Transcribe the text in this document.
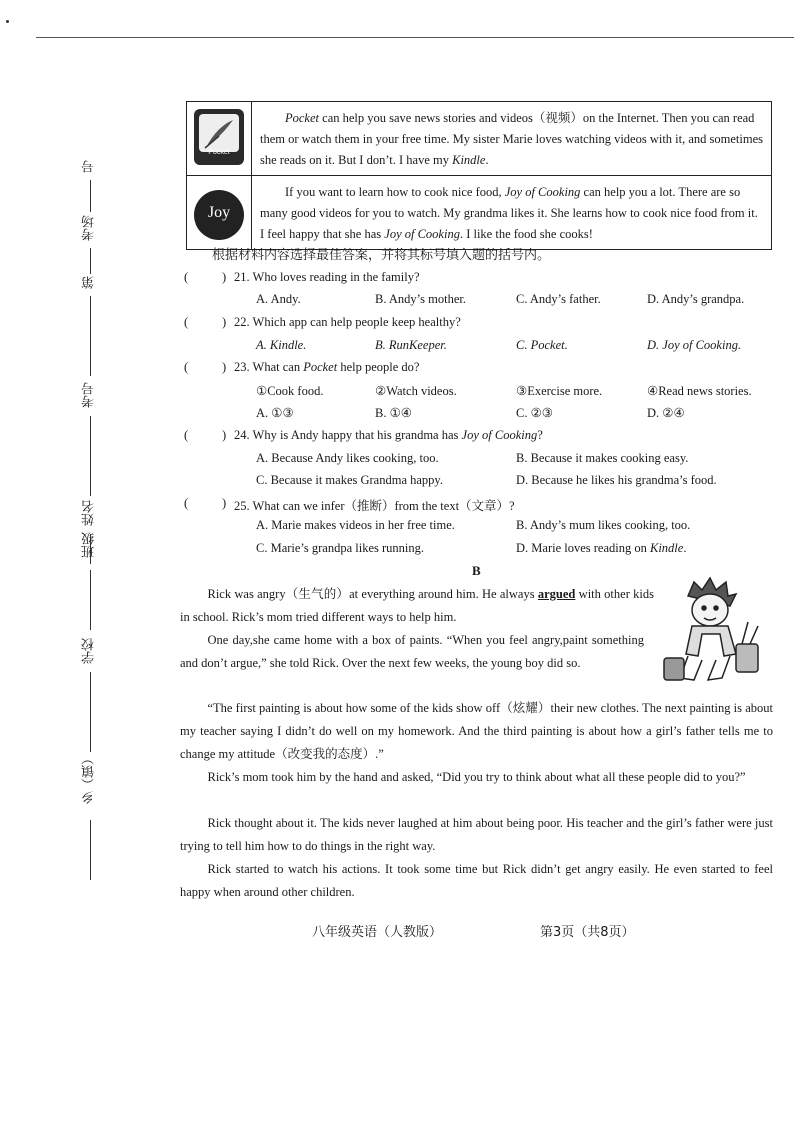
号
考场
第
考号
姓名
班级
学校
乡（镇）
Pocket	Pocket can help you save news stories and videos（视频）on the Internet. Then you can read them or watch them in your free time. My sister Marie loves watching videos with it, and sometimes she reads on it. But I don’t. I have my Kindle.
Joy	If you want to learn how to cook nice food, Joy of Cooking can help you a lot. There are so many good videos for you to watch. My grandma likes it. She learns how to cook nice food from it. I feel happy that she has Joy of Cooking. I like the food she cooks!
根据材料内容选择最佳答案，并将其标号填入题的括号内。
(	) 21. Who loves reading in the family?
A. Andy.	B. Andy’s mother.	C. Andy’s father.	D. Andy’s grandpa.
(	) 22. Which app can help people keep healthy?
A. Kindle.	B. RunKeeper.	C. Pocket.	D. Joy of Cooking.
(	) 23. What can Pocket help people do?
①Cook food.	②Watch videos.	③Exercise more.	④Read news stories.
A. ①③	B. ①④	C. ②③	D. ②④
(	) 24. Why is Andy happy that his grandma has Joy of Cooking?
A. Because Andy likes cooking, too.	B. Because it makes cooking easy.
C. Because it makes Grandma happy.	D. Because he likes his grandma’s food.
(	) 25. What can we infer（推断）from the text（文章）?
A. Marie makes videos in her free time.	B. Andy’s mum likes cooking, too.
C. Marie’s grandpa likes running.	D. Marie loves reading on Kindle.
B
Rick was angry（生气的）at everything around him. He always argued with other kids in school. Rick’s mom tried different ways to help him.
One day,she came home with a box of paints. “When you feel angry,paint something and don’t argue,” she told Rick. Over the next few weeks, the young boy did so.
“The first painting is about how some of the kids show off（炫耀）their new clothes. The next painting is about my teacher saying I didn’t do well on my homework. And the third painting is about how a girl’s father tells me to change my attitude（改变我的态度）.”
Rick’s mom took him by the hand and asked, “Did you try to think about what all these people did to you?”
Rick thought about it. The kids never laughed at him about being poor. His teacher and the girl’s father were just trying to tell him how to do things in the right way.
Rick started to watch his actions. It took some time but Rick didn’t get angry easily. He even started to feel happy when around other children.
八年级英语（人教版）	第3页（共8页）
